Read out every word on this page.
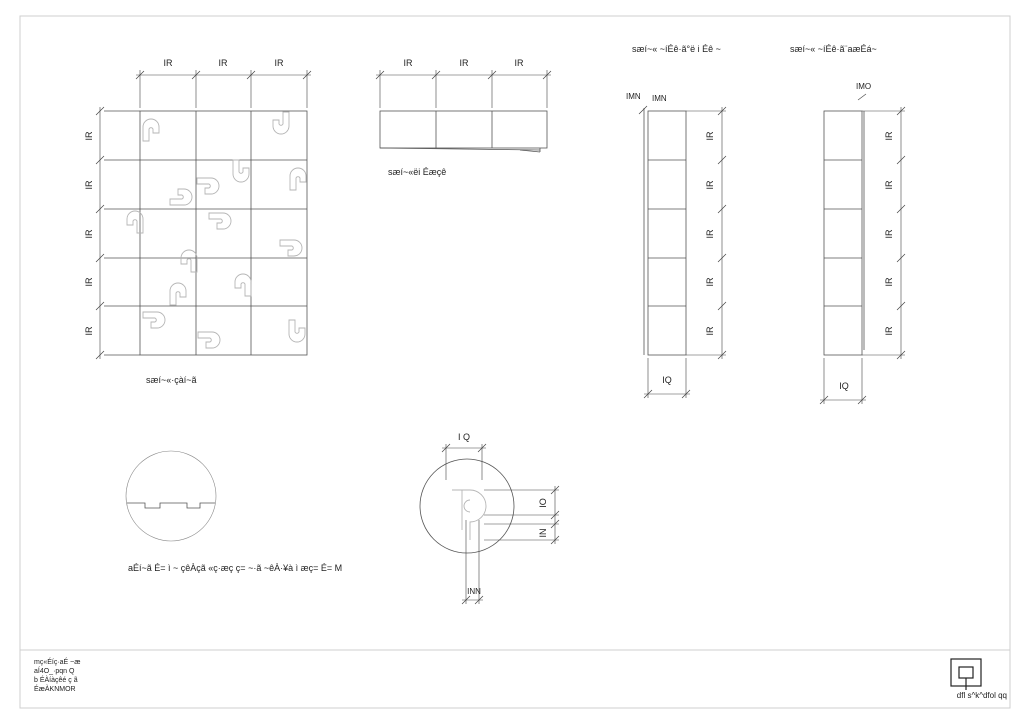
IR	IR	IR
IR
IR
IR
IR
IR
sæí~«·çàí~ã
IR	IR	IR
sæí~«ëi Éæçê
sæí~« ~íÉê·ã°ë i Éê ~
IMN IMN
IR
IR
IR
IR
IR
IQ
sæí~« ~íÉê·ã¨aæÉá~
IMO
IR
IR
IR
IR
IR
IQ
aÉí~ã É= ì ~ çêÀçã «ç·æç ç= ~·ã ~êÀ·¥à ì æç= É= M
I Q
IO
IN
INN
mç«Éíç·aÉ ~æ
aÍ4O_·pqn Q
b ÉÀíàçêé ç ã
ÉæÀKNMOR
dfl s^k^dfol qq
